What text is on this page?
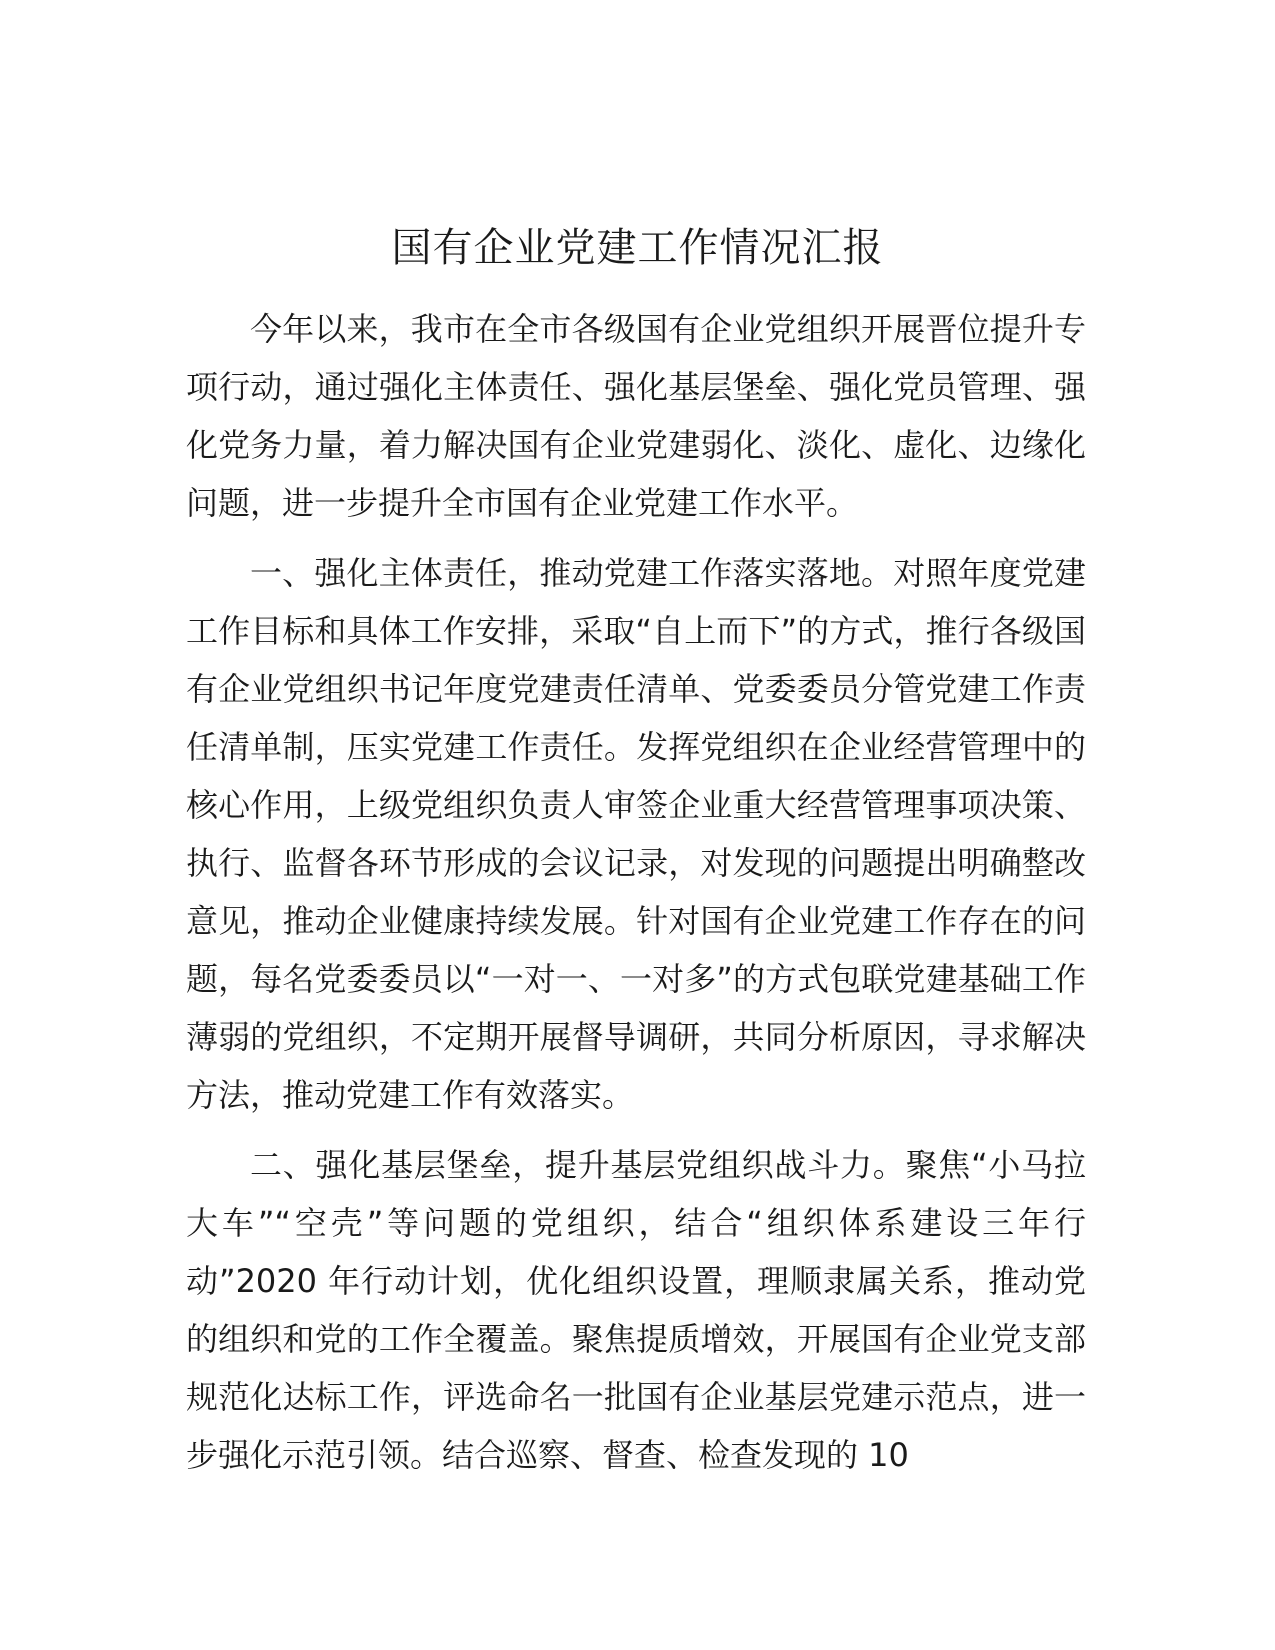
国有企业党建工作情况汇报

今年以来，我市在全市各级国有企业党组织开展晋位提升专项行动，通过强化主体责任、强化基层堡垒、强化党员管理、强化党务力量，着力解决国有企业党建弱化、淡化、虚化、边缘化问题，进一步提升全市国有企业党建工作水平。

一、强化主体责任，推动党建工作落实落地。对照年度党建工作目标和具体工作安排，采取“自上而下”的方式，推行各级国有企业党组织书记年度党建责任清单、党委委员分管党建工作责任清单制，压实党建工作责任。发挥党组织在企业经营管理中的核心作用，上级党组织负责人审签企业重大经营管理事项决策、执行、监督各环节形成的会议记录，对发现的问题提出明确整改意见，推动企业健康持续发展。针对国有企业党建工作存在的问题，每名党委委员以“一对一、一对多”的方式包联党建基础工作薄弱的党组织，不定期开展督导调研，共同分析原因，寻求解决方法，推动党建工作有效落实。

二、强化基层堡垒，提升基层党组织战斗力。聚焦“小马拉大车”“空壳”等问题的党组织，结合“组织体系建设三年行动”2020 年行动计划，优化组织设置，理顺隶属关系，推动党的组织和党的工作全覆盖。聚焦提质增效，开展国有企业党支部规范化达标工作，评选命名一批国有企业基层党建示范点，进一步强化示范引领。结合巡察、督查、检查发现的 10
